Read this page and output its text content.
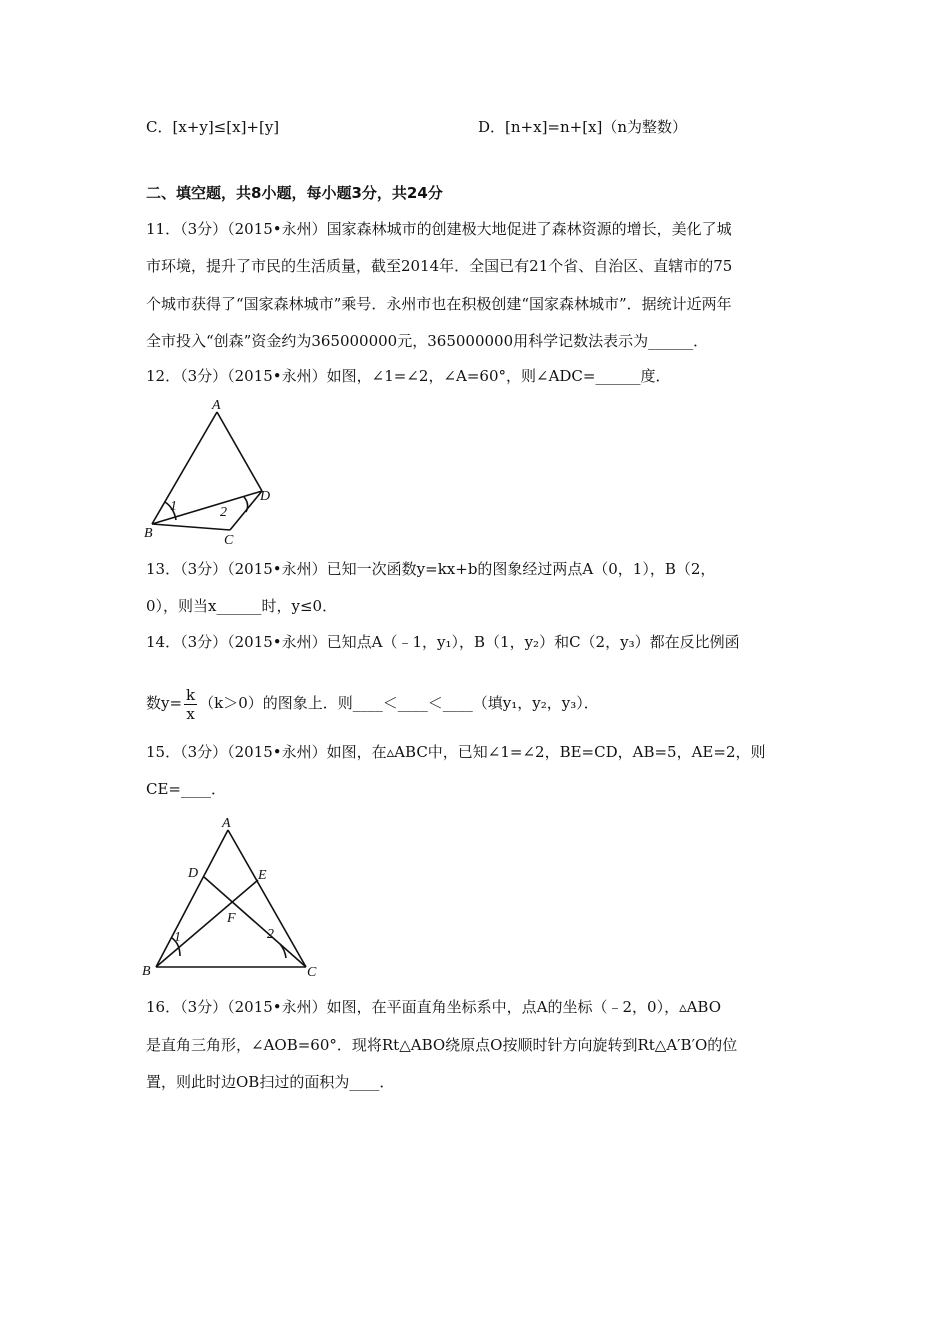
C．[x+y]≤[x]+[y]	D．[n+x]=n+[x]（n为整数）
二、填空题，共8小题，每小题3分，共24分
11．（3分）（2015•永州）国家森林城市的创建极大地促进了森林资源的增长，美化了城
市环境，提升了市民的生活质量，截至2014年．全国已有21个省、自治区、直辖市的75
个城市获得了“国家森林城市”乘号．永州市也在积极创建“国家森林城市”．据统计近两年
全市投入“创森”资金约为365000000元，365000000用科学记数法表示为______．
12．（3分）（2015•永州）如图，∠1=∠2，∠A=60°，则∠ADC=______度．
A
B	C
D
1	2
13．（3分）（2015•永州）已知一次函数y=kx+b的图象经过两点A（0，1），B（2，
0），则当x______时，y≤0．
14．（3分）（2015•永州）已知点A（﹣1，y₁），B（1，y₂）和C（2，y₃）都在反比例函
数$y= \frac{k}{x} (k>0)$的图象上．则____＜____＜____（填y₁，y₂，y₃）．
15．（3分）（2015•永州）如图，在▵ABC中，已知∠1=∠2，BE=CD，AB=5，AE=2，则
CE=____．
A
B	C
D	E
F
1	2
16．（3分）（2015•永州）如图，在平面直角坐标系中，点A的坐标（﹣2，0），▵ABO
是直角三角形，∠AOB=60°．现将Rt△ABO绕原点O按顺时针方向旋转到Rt△A′B′O的位
置，则此时边OB扫过的面积为____．
